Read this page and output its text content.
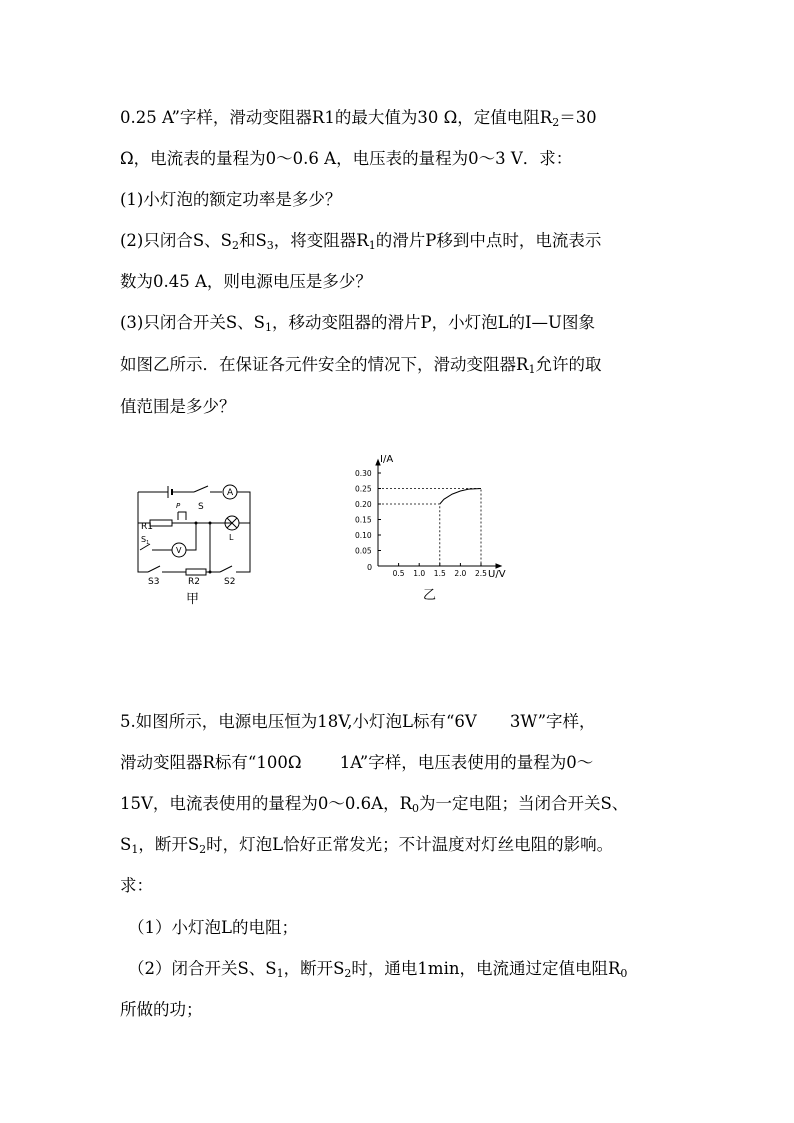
0.25 A”字样，滑动变阻器R1的最大值为30 Ω，定值电阻$R_2=30$
Ω，电流表的量程为0～0.6 A，电压表的量程为0～3 V．求：
(1)小灯泡的额定功率是多少？
(2)只闭合S、$S_2$和$S_3$，将变阻器$R_1$的滑片P移到中点时，电流表示
数为0.45 A，则电源电压是多少？
(3)只闭合开关S、$S_1$，移动变阻器的滑片P，小灯泡L的I—U图象
如图乙所示．在保证各元件安全的情况下，滑动变阻器$R_1$允许的取
值范围是多少？
S
A
P
R1
$S_1$
V
L
S3	R2	S2
甲
0.5 1.0 1.5 2.0 2.5
0.05
0.10
0.15
0.20
0.25
0.30
I/A
U/V
0
乙
5.如图所示，电源电压恒为18V,小灯泡L标有“6V　　3W”字样，
滑动变阻器R标有“100Ω　　 1A”字样，电压表使用的量程为0～
15V，电流表使用的量程为0～0.6A，$R_0$为一定电阻；当闭合开关S、
$S_1$，断开$S_2$时，灯泡L恰好正常发光；不计温度对灯丝电阻的影响。
求：
（1）小灯泡L的电阻；
（2）闭合开关S、$S_1$，断开$S_2$时，通电1min，电流通过定值电阻$R_0$
所做的功；
